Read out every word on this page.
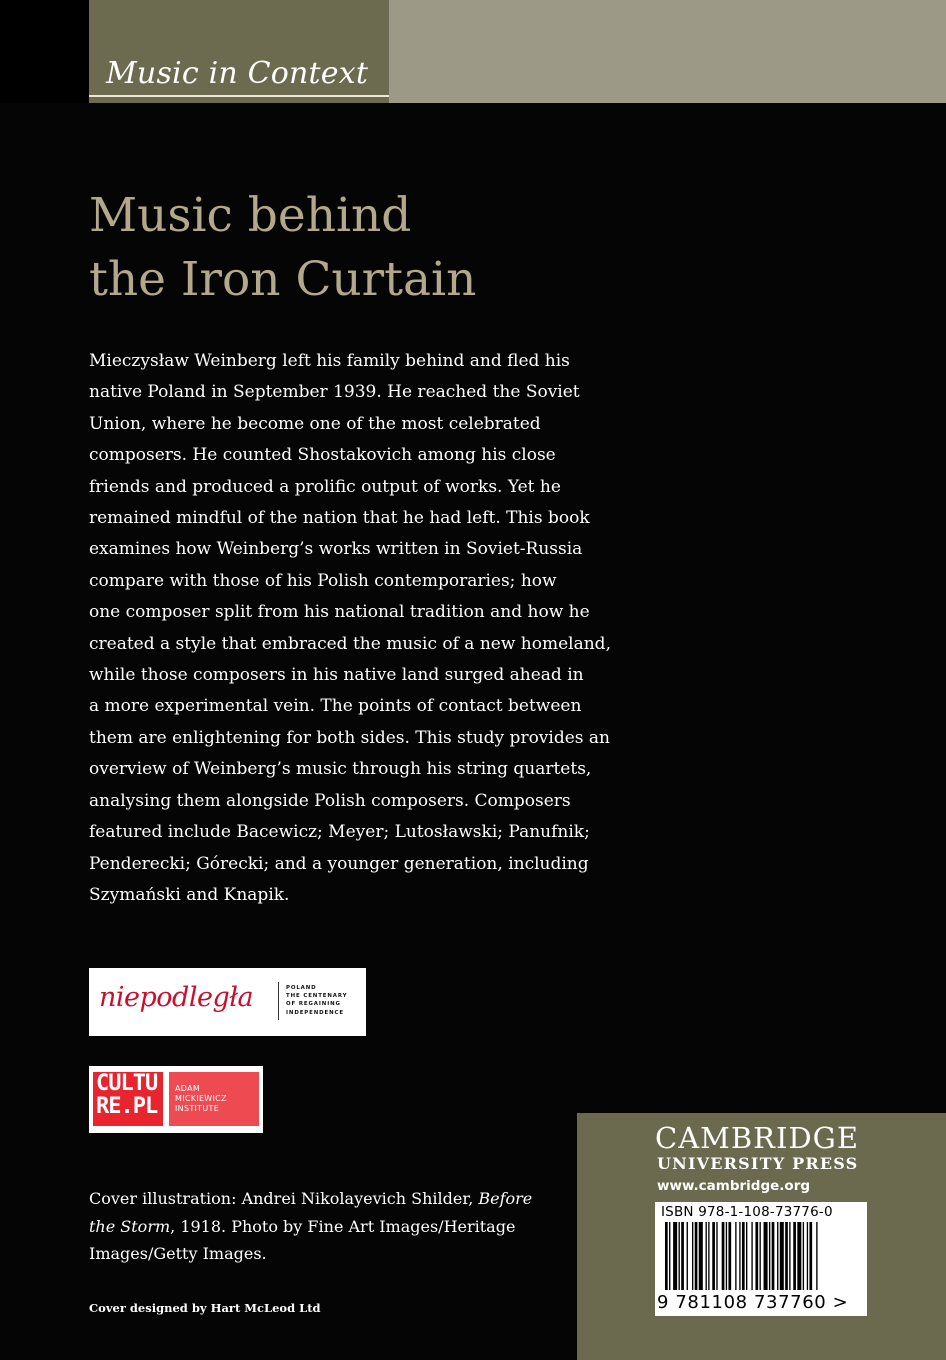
Music in Context
Music behind
the Iron Curtain

Mieczysław Weinberg left his family behind and fled his
native Poland in September 1939. He reached the Soviet
Union, where he become one of the most celebrated
composers. He counted Shostakovich among his close
friends and produced a prolific output of works. Yet he
remained mindful of the nation that he had left. This book
examines how Weinberg’s works written in Soviet-Russia
compare with those of his Polish contemporaries; how
one composer split from his national tradition and how he
created a style that embraced the music of a new homeland,
while those composers in his native land surged ahead in
a more experimental vein. The points of contact between
them are enlightening for both sides. This study provides an
overview of Weinberg’s music through his string quartets,
analysing them alongside Polish composers. Composers
featured include Bacewicz; Meyer; Lutosławski; Panufnik;
Penderecki; Górecki; and a younger generation, including
Szymański and Knapik.

niepodległa	POLAND
THE CENTENARY
OF REGAINING
INDEPENDENCE
CULTU
RE.PL
ADAM
MICKIEWICZ
INSTITUTE

Cover illustration: Andrei Nikolayevich Shilder, Before
the Storm, 1918. Photo by Fine Art Images/Heritage
Images/Getty Images.

Cover designed by Hart McLeod Ltd
CAMBRIDGE
UNIVERSITY PRESS
www.cambridge.org
ISBN 978-1-108-73776-0
9 781108 737760 >
